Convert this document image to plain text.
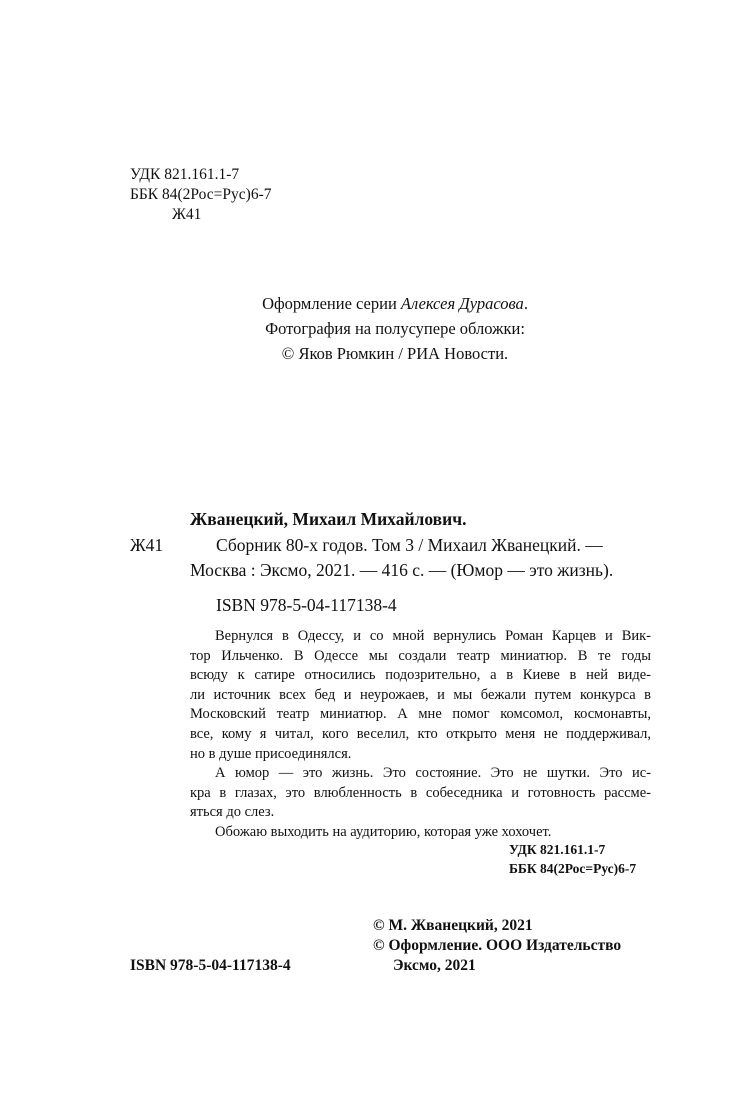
УДК 821.161.1-7
ББК 84(2Рос=Рус)6-7
Ж41
Оформление серии Алексея Дурасова.
Фотография на полусупере обложки:
© Яков Рюмкин / РИА Новости.
Жванецкий, Михаил Михайлович.
Ж41	Сборник 80-х годов. Том 3 / Михаил Жванецкий. —
Москва : Эксмо, 2021. — 416 с. — (Юмор — это жизнь).
ISBN 978-5-04-117138-4

Вернулся в Одессу, и со мной вернулись Роман Карцев и Вик-

тор Ильченко. В Одессе мы создали театр миниатюр. В те годы

всюду к сатире относились подозрительно, а в Киеве в ней виде-

ли источник всех бед и неурожаев, и мы бежали путем конкурса в

Московский театр миниатюр. А мне помог комсомол, космонавты,

все, кому я читал, кого веселил, кто открыто меня не поддерживал,

но в душе присоединялся.

А юмор — это жизнь. Это состояние. Это не шутки. Это ис-

кра в глазах, это влюбленность в собеседника и готовность рассме-

яться до слез.

Обожаю выходить на аудиторию, которая уже хохочет.

УДК 821.161.1-7
ББК 84(2Рос=Рус)6-7
© М. Жванецкий, 2021
© Оформление. ООО Издательство
Эксмо, 2021
ISBN 978-5-04-117138-4
